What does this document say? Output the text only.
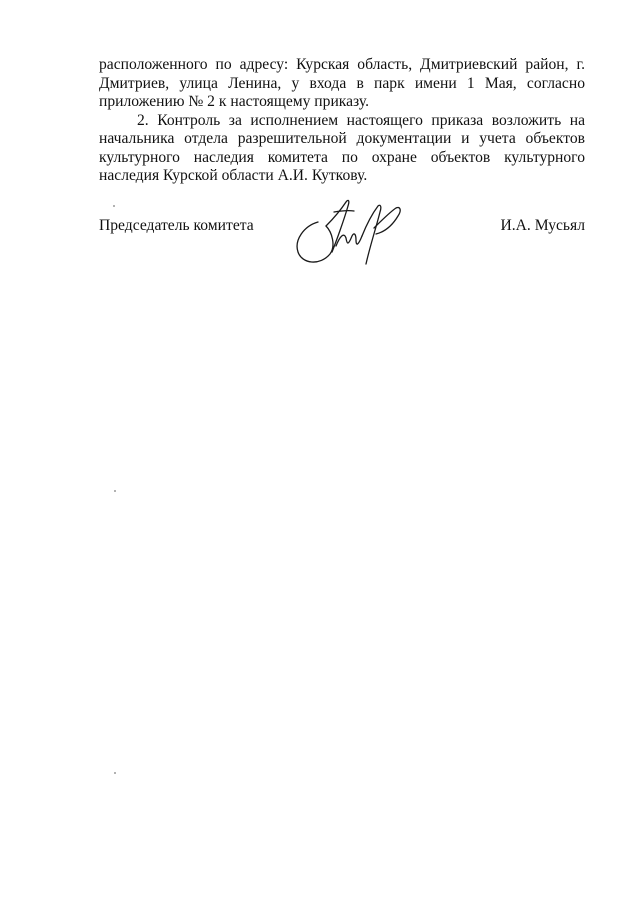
расположенного по адресу: Курская область, Дмитриевский район, г. Дмитриев, улица Ленина, у входа в парк имени 1 Мая, согласно приложению № 2 к настоящему приказу.

2. Контроль за исполнением настоящего приказа возложить на начальника отдела разрешительной документации и учета объектов культурного наследия комитета по охране объектов культурного наследия Курской области А.И. Куткову.

Председатель комитета	И.А. Мусьял
